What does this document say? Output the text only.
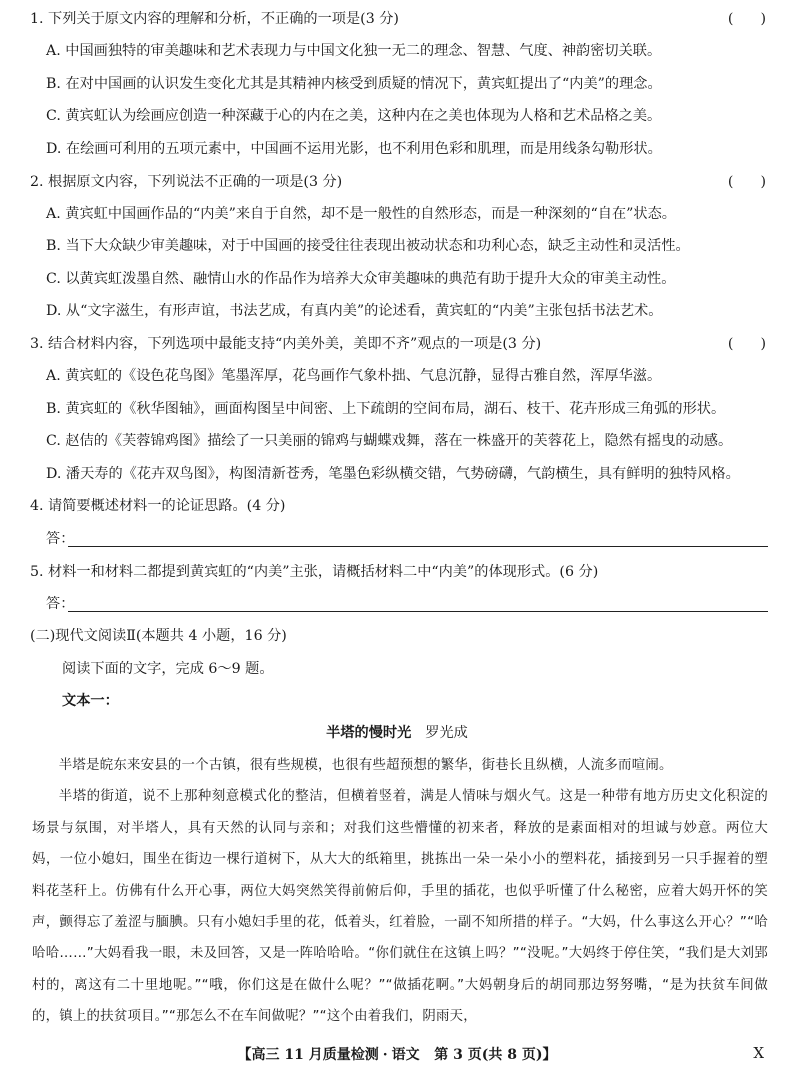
1. 下列关于原文内容的理解和分析，不正确的一项是(3 分)	(      )
A. 中国画独特的审美趣味和艺术表现力与中国文化独一无二的理念、智慧、气度、神韵密切关联。
B. 在对中国画的认识发生变化尤其是其精神内核受到质疑的情况下，黄宾虹提出了“内美”的理念。
C. 黄宾虹认为绘画应创造一种深藏于心的内在之美，这种内在之美也体现为人格和艺术品格之美。
D. 在绘画可利用的五项元素中，中国画不运用光影，也不利用色彩和肌理，而是用线条勾勒形状。
2. 根据原文内容，下列说法不正确的一项是(3 分)	(      )
A. 黄宾虹中国画作品的“内美”来自于自然，却不是一般性的自然形态，而是一种深刻的“自在”状态。
B. 当下大众缺少审美趣味，对于中国画的接受往往表现出被动状态和功利心态，缺乏主动性和灵活性。
C. 以黄宾虹泼墨自然、融情山水的作品作为培养大众审美趣味的典范有助于提升大众的审美主动性。
D. 从“文字滋生，有形声谊，书法艺成，有真内美”的论述看，黄宾虹的“内美”主张包括书法艺术。
3. 结合材料内容，下列选项中最能支持“内美外美，美即不齐”观点的一项是(3 分)	(      )
A. 黄宾虹的《设色花鸟图》笔墨浑厚，花鸟画作气象朴拙、气息沉静，显得古雅自然，浑厚华滋。
B. 黄宾虹的《秋华图轴》，画面构图呈中间密、上下疏朗的空间布局，湖石、枝干、花卉形成三角弧的形状。
C. 赵佶的《芙蓉锦鸡图》描绘了一只美丽的锦鸡与蝴蝶戏舞，落在一株盛开的芙蓉花上，隐然有摇曳的动感。
D. 潘天寿的《花卉双鸟图》，构图清新苍秀，笔墨色彩纵横交错，气势磅礴，气韵横生，具有鲜明的独特风格。
4. 请简要概述材料一的论证思路。(4 分)
答：
5. 材料一和材料二都提到黄宾虹的“内美”主张，请概括材料二中“内美”的体现形式。(6 分)
答：
(二)现代文阅读Ⅱ(本题共 4 小题，16 分)
阅读下面的文字，完成 6～9 题。
文本一：
半塔的慢时光 罗光成

半塔是皖东来安县的一个古镇，很有些规模，也很有些超预想的繁华，街巷长且纵横，人流多而喧闹。

半塔的街道，说不上那种刻意模式化的整洁，但横着竖着，满是人情味与烟火气。这是一种带有地方历史文化积淀的场景与氛围，对半塔人，具有天然的认同与亲和；对我们这些懵懂的初来者，释放的是素面相对的坦诚与妙意。两位大妈，一位小媳妇，围坐在街边一棵行道树下，从大大的纸箱里，挑拣出一朵一朵小小的塑料花，插接到另一只手握着的塑料花茎秆上。仿佛有什么开心事，两位大妈突然笑得前俯后仰，手里的插花，也似乎听懂了什么秘密，应着大妈开怀的笑声，颤得忘了羞涩与腼腆。只有小媳妇手里的花，低着头，红着脸，一副不知所措的样子。“大妈，什么事这么开心？”“哈哈哈……”大妈看我一眼，未及回答，又是一阵哈哈哈。“你们就住在这镇上吗？”“没呢。”大妈终于停住笑，“我们是大刘郢村的，离这有二十里地呢。”“哦，你们这是在做什么呢？”“做插花啊。”大妈朝身后的胡同那边努努嘴，“是为扶贫车间做的，镇上的扶贫项目。”“那怎么不在车间做呢？”“这个由着我们，阴雨天，

【高三 11 月质量检测 · 语文 第 3 页(共 8 页)】	X
